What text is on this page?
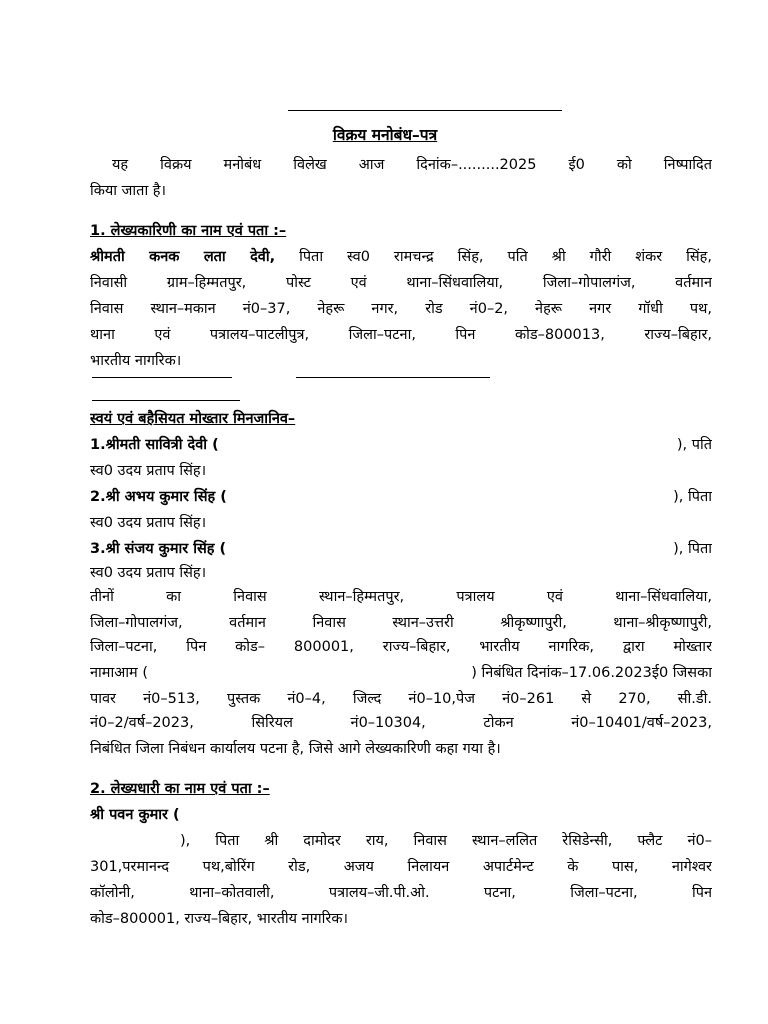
विक्रय मनोबंध–पत्र
यह विक्रय मनोबंध विलेख आज दिनांक–.........2025 ई0 को निष्पादित
किया जाता है।
1. लेख्यकारिणी का नाम एवं पता :–
श्रीमती कनक लता देवी, पिता स्व0 रामचन्द्र सिंह, पति श्री गौरी शंकर सिंह,
निवासी ग्राम–हिम्मतपुर, पोस्ट एवं थाना–सिंधवालिया, जिला–गोपालगंज, वर्तमान
निवास स्थान–मकान नं0–37, नेहरू नगर, रोड नं0–2, नेहरू नगर गॉधी पथ,
थाना एवं पत्रालय–पाटलीपुत्र, जिला–पटना, पिन कोड–800013, राज्य–बिहार,
भारतीय नागरिक।
स्वयं एवं बहैसियत मोख्तार मिनजानिव–
1.श्रीमती सावित्री देवी (	), पति
स्व0 उदय प्रताप सिंह।
2.श्री अभय कुमार सिंह (	), पिता
स्व0 उदय प्रताप सिंह।
3.श्री संजय कुमार सिंह (	), पिता
स्व0 उदय प्रताप सिंह।
तीनों का निवास स्थान–हिम्मतपुर, पत्रालय एवं थाना–सिंधवालिया,
जिला–गोपालगंज, वर्तमान निवास स्थान–उत्तरी श्रीकृष्णापुरी, थाना–श्रीकृष्णापुरी,
जिला–पटना, पिन कोड– 800001, राज्य–बिहार, भारतीय नागरिक, द्वारा मोख्तार
नामाआम (	) निबंधित दिनांक–17.06.2023ई0 जिसका
पावर नं0–513, पुस्तक नं0–4, जिल्द नं0–10,पेज नं0–261 से 270, सी.डी.
नं0–2/वर्ष–2023, सिरियल नं0–10304, टोकन नं0–10401/वर्ष–2023,
निबंधित जिला निबंधन कार्यालय पटना है, जिसे आगे लेख्यकारिणी कहा गया है।
2. लेख्यधारी का नाम एवं पता :–
श्री पवन कुमार (
), पिता श्री दामोदर राय, निवास स्थान–ललित रेसिडेन्सी, फ्लैट नं0–
301,परमानन्द पथ,बोरिंग रोड, अजय निलायन अपार्टमेन्ट के पास, नागेश्वर
कॉलोनी, थाना–कोतवाली, पत्रालय–जी.पी.ओ. पटना, जिला–पटना, पिन
कोड–800001, राज्य–बिहार, भारतीय नागरिक।
